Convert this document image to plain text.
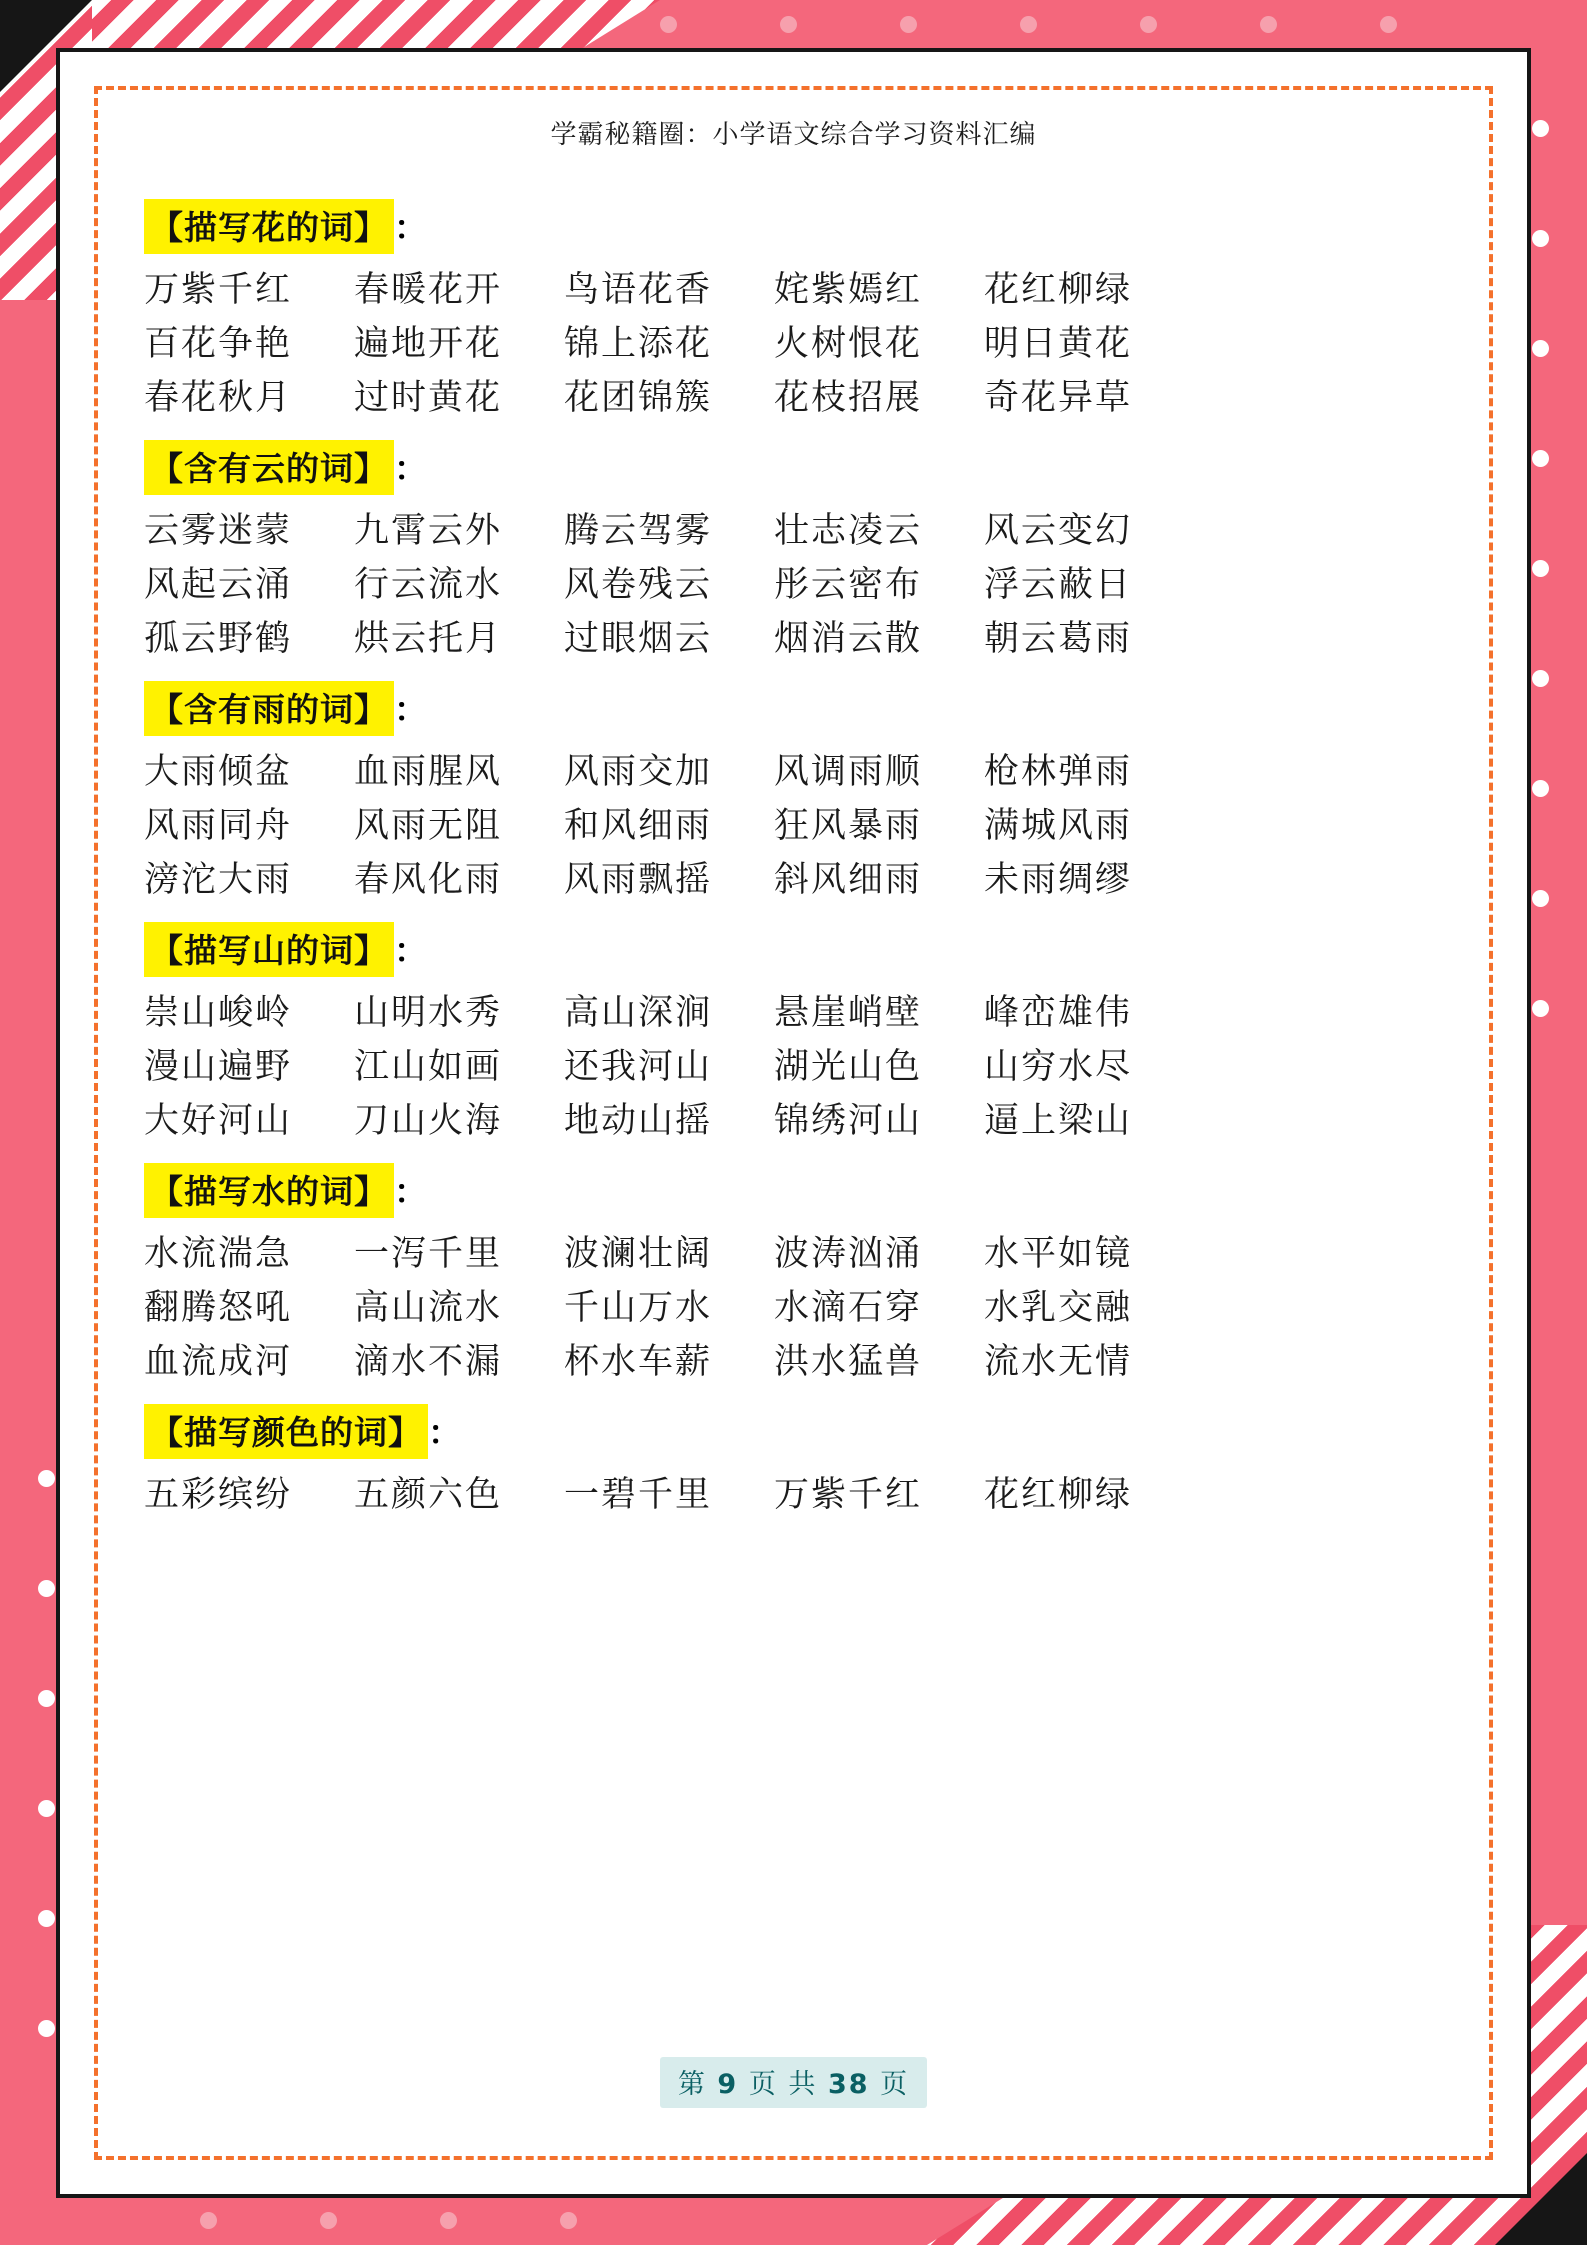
学霸秘籍圈：小学语文综合学习资料汇编
【描写花的词】 ：
万紫千红	春暖花开	鸟语花香	姹紫嫣红	花红柳绿
百花争艳	遍地开花	锦上添花	火树恨花	明日黄花
春花秋月	过时黄花	花团锦簇	花枝招展	奇花异草
【含有云的词】 ：
云雾迷蒙	九霄云外	腾云驾雾	壮志凌云	风云变幻
风起云涌	行云流水	风卷残云	彤云密布	浮云蔽日
孤云野鹤	烘云托月	过眼烟云	烟消云散	朝云葛雨
【含有雨的词】 ：
大雨倾盆	血雨腥风	风雨交加	风调雨顺	枪林弹雨
风雨同舟	风雨无阻	和风细雨	狂风暴雨	满城风雨
滂沱大雨	春风化雨	风雨飘摇	斜风细雨	未雨绸缪
【描写山的词】 ：
崇山峻岭	山明水秀	高山深涧	悬崖峭壁	峰峦雄伟
漫山遍野	江山如画	还我河山	湖光山色	山穷水尽
大好河山	刀山火海	地动山摇	锦绣河山	逼上梁山
【描写水的词】 ：
水流湍急	一泻千里	波澜壮阔	波涛汹涌	水平如镜
翻腾怒吼	高山流水	千山万水	水滴石穿	水乳交融
血流成河	滴水不漏	杯水车薪	洪水猛兽	流水无情
【描写颜色的词】 ：
五彩缤纷	五颜六色	一碧千里	万紫千红	花红柳绿
第 9 页 共 38 页
